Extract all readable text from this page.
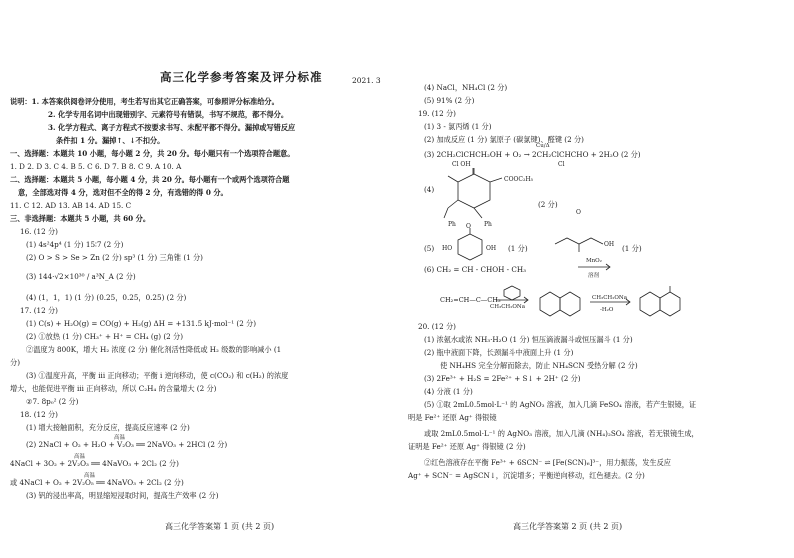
高三化学参考答案及评分标准	2021. 3
说明：1. 本答案供阅卷评分使用，考生若写出其它正确答案，可参照评分标准给分。
2. 化学专用名词中出现错别字、元素符号有错误，书写不规范，都不得分。
3. 化学方程式、离子方程式不按要求书写、未配平都不得分。漏掉或写错反应
条件扣 1 分。漏掉↑、↓不扣分。
一、选择题：本题共 10 小题，每小题 2 分，共 20 分。每小题只有一个选项符合题意。
1. D 2. D 3. C 4. B 5. C 6. D 7. B 8. C 9. A 10. A
二、选择题：本题共 5 小题，每小题 4 分，共 20 分。每小题有一个或两个选项符合题
意，全部选对得 4 分，选对但不全的得 2 分，有选错的得 0 分。
11. C 12. AD 13. AB 14. AD 15. C
三、非选择题：本题共 5 小题，共 60 分。
16. (12 分)
(1) 4s²4p⁴ (1 分) 15∶7 (2 分)
(2) O > S > Se > Zn (2 分) sp³ (1 分) 三角锥 (1 分)
(3) 144·√2×10³⁰ / a³N_A (2 分)
(4) (1，1，1) (1 分) (0.25，0.25，0.25) (2 分)
17. (12 分)
(1) C(s) + H₂O(g) = CO(g) + H₂(g) ΔH = +131.5 kJ·mol⁻¹ (2 分)
(2) ①放热 (1 分) CH₃⁺ + H⁺ = CH₄ (g) (2 分)
②温度为 800K，增大 H₂ 浓度 (2 分) 催化剂活性降低或 H₂ 级数的影响减小 (1
分)
(3) ①温度升高，平衡 iii 正向移动；平衡 i 逆向移动，使 c(CO₂) 和 c(H₂) 的浓度
增大，也能促进平衡 iii 正向移动，所以 C₂H₄ 的含量增大 (2 分)
②7. 8p₀² (2 分)
18. (12 分)
(1) 增大接触面积，充分反应，提高反应速率 (2 分)
(2) 2NaCl + O₂ + H₂O + V₂O₃ ══ 2NaVO₃ + 2HCl (2 分)
4NaCl + 3O₂ + 2V₂O₃ ══ 4NaVO₃ + 2Cl₂ (2 分)
或 4NaCl + O₂ + 2V₂O₅ ══ 4NaVO₃ + 2Cl₂ (2 分)
(3) 钒的浸出率高，明显缩短浸取时间，提高生产效率 (2 分)
高温
高温
高温
高三化学答案第 1 页 (共 2 页)
(4) NaCl，NH₄Cl (2 分)
(5) 91% (2 分)
19. (12 分)
(1) 3 - 氯丙烯 (1 分)
(2) 加成反应 (1 分) 氯原子 (碳氯键)、醛键 (2 分)
(3) 2CH₂ClCHCH₂OH + O₂ → 2CH₂ClCHCHO + 2H₂O (2 分)
Cu/Δ
Cl OH	Cl
(4)
COOC₂H₅
Ph	Ph
(2 分)
(5)
O
HO	OH (1 分)
O
OH (1 分)
(6) CH₂ = CH - CHOH - CH₃
MnO₂
溶剂
CH₂=CH—C—CH₃
CH₃CH₂ONa
CH₃CH₂ONa
-H₂O
20. (12 分)
(1) 浓氨水或浓 NH₃·H₂O (1 分) 恒压滴液漏斗或恒压漏斗 (1 分)
(2) 瓶中液面下降，长颈漏斗中液面上升 (1 分)
使 NH₄HS 完全分解而除去，防止 NH₄SCN 受热分解 (2 分)
(3) 2Fe³⁺ + H₂S = 2Fe²⁺ + S↓ + 2H⁺ (2 分)
(4) 分液 (1 分)
(5) ①取 2mL0.5mol·L⁻¹ 的 AgNO₃ 溶液，加入几滴 FeSO₄ 溶液，若产生银镜，证
明是 Fe²⁺ 还原 Ag⁺ 得银镜
或取 2mL0.5mol·L⁻¹ 的 AgNO₃ 溶液，加入几滴 (NH₄)₂SO₄ 溶液，若无银镜生成，
证明是 Fe²⁺ 还原 Ag⁺ 得银镜 (2 分)
②红色溶液存在平衡 Fe³⁺ + 6SCN⁻ ⇌ [Fe(SCN)₆]³⁻，用力振荡，发生反应
Ag⁺ + SCN⁻ = AgSCN↓，沉淀增多；平衡逆向移动，红色褪去。(2 分)
高三化学答案第 2 页 (共 2 页)
